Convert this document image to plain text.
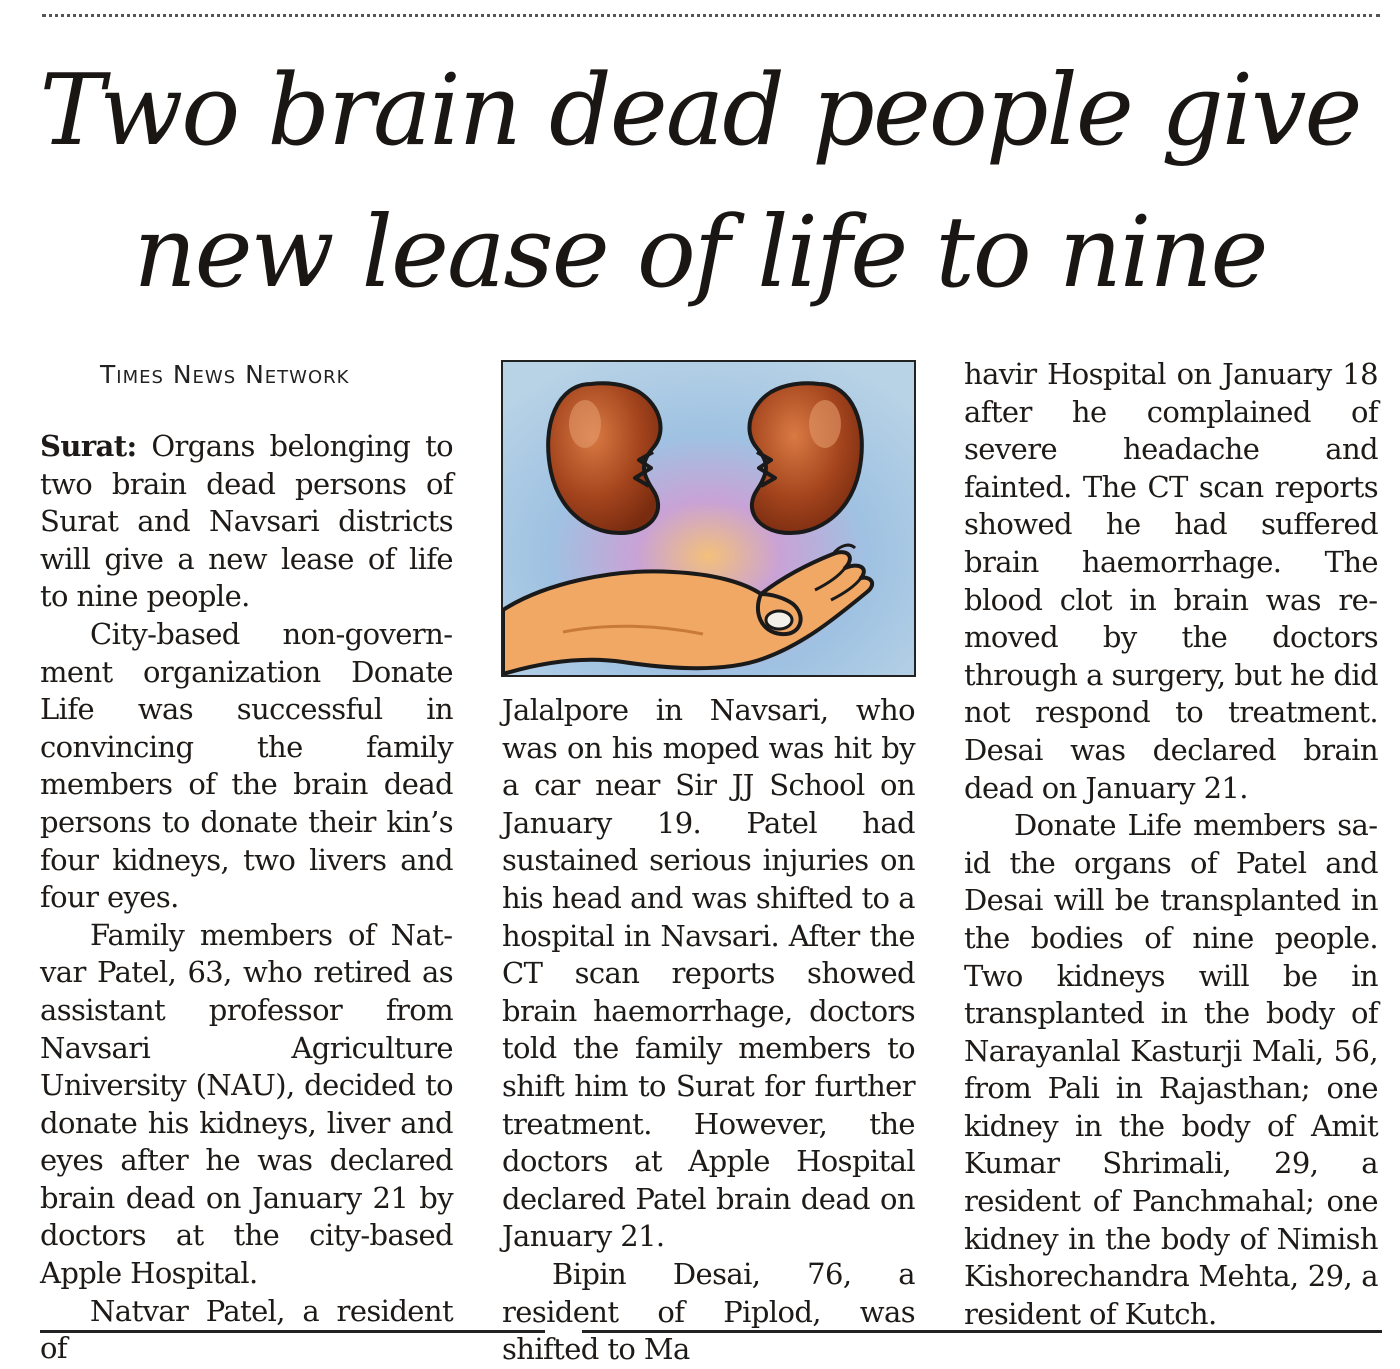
Two brain dead people give
new lease of life to nine
Times News Network

Surat: Organs belonging to two brain dead persons of Surat and Navsari districts will give a new lease of life to nine people.

City-based non-government organization Donate Life was successful in convincing the family members of the brain dead persons to donate their kin’s four kidneys, two livers and four eyes.

Family members of Natvar Patel, 63, who retired as assistant professor from Navsari Agriculture University (NAU), decided to donate his kidneys, liver and eyes after he was declared brain dead on January 21 by doctors at the city-based Apple Hospital.

Natvar Patel, a resident of

Jalalpore in Navsari, who was on his moped was hit by a car near Sir JJ School on January 19. Patel had sustained serious injuries on his head and was shifted to a hospital in Navsari. After the CT scan reports showed brain haemorrhage, doctors told the family members to shift him to Surat for further treatment. However, the doctors at Apple Hospital declared Patel brain dead on January 21.

Bipin Desai, 76, a resident of Piplod, was shifted to Ma

havir Hospital on January 18 after he complained of severe headache and fainted. The CT scan reports showed he had suffered brain haemorrhage. The blood clot in brain was removed by the doctors through a surgery, but he did not respond to treatment. Desai was declared brain dead on January 21.

Donate Life members said the organs of Patel and Desai will be transplanted in the bodies of nine people. Two kidneys will be in transplanted in the body of Narayanlal Kasturji Mali, 56, from Pali in Rajasthan; one kidney in the body of Amit Kumar Shrimali, 29, a resident of Panchmahal; one kidney in the body of Nimish Kishorechandra Mehta, 29, a resident of Kutch.
